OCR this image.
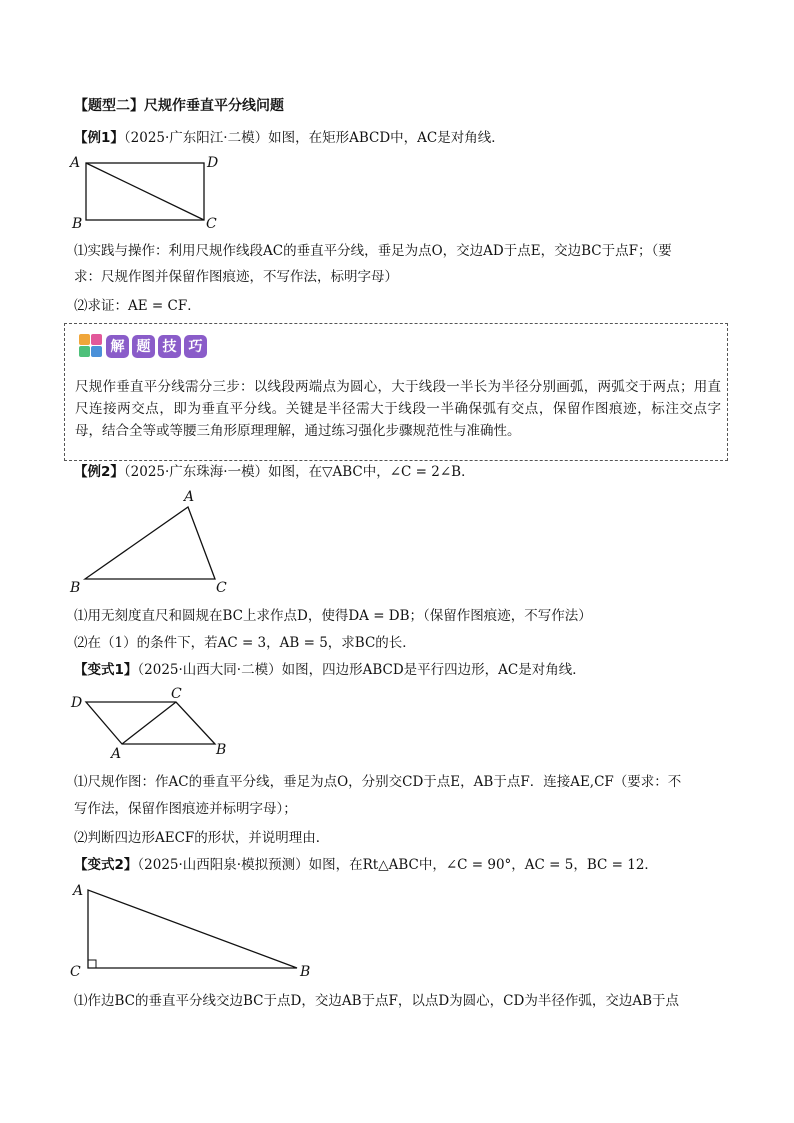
【题型二】尺规作垂直平分线问题
【例1】（2025·广东阳江·二模）如图，在矩形ABCD中，AC是对角线．
A	D
B	C
⑴实践与操作：利用尺规作线段AC的垂直平分线，垂足为点O，交边AD于点E，交边BC于点F；（要
求：尺规作图并保留作图痕迹，不写作法，标明字母）
⑵求证：AE = CF．
解 题 技 巧
尺规作垂直平分线需分三步：以线段两端点为圆心，大于线段一半长为半径分别画弧，两弧交于两点；用直尺连接两交点，即为垂直平分线。关键是半径需大于线段一半确保弧有交点，保留作图痕迹，标注交点字母，结合全等或等腰三角形原理理解，通过练习强化步骤规范性与准确性。
【例2】（2025·广东珠海·一模）如图，在▽ABC中，∠C = 2∠B．
A
B	C
⑴用无刻度直尺和圆规在BC上求作点D，使得DA = DB；（保留作图痕迹，不写作法）
⑵在（1）的条件下，若AC = 3，AB = 5，求BC的长．
【变式1】（2025·山西大同·二模）如图，四边形ABCD是平行四边形，AC是对角线．
D
C
A	B
⑴尺规作图：作AC的垂直平分线，垂足为点O，分别交CD于点E，AB于点F．连接AE,CF（要求：不
写作法，保留作图痕迹并标明字母）；
⑵判断四边形AECF的形状，并说明理由．
【变式2】（2025·山西阳泉·模拟预测）如图，在Rt△ABC中，∠C = 90°，AC = 5，BC = 12．
A
C	B
⑴作边BC的垂直平分线交边BC于点D，交边AB于点F，以点D为圆心，CD为半径作弧，交边AB于点
